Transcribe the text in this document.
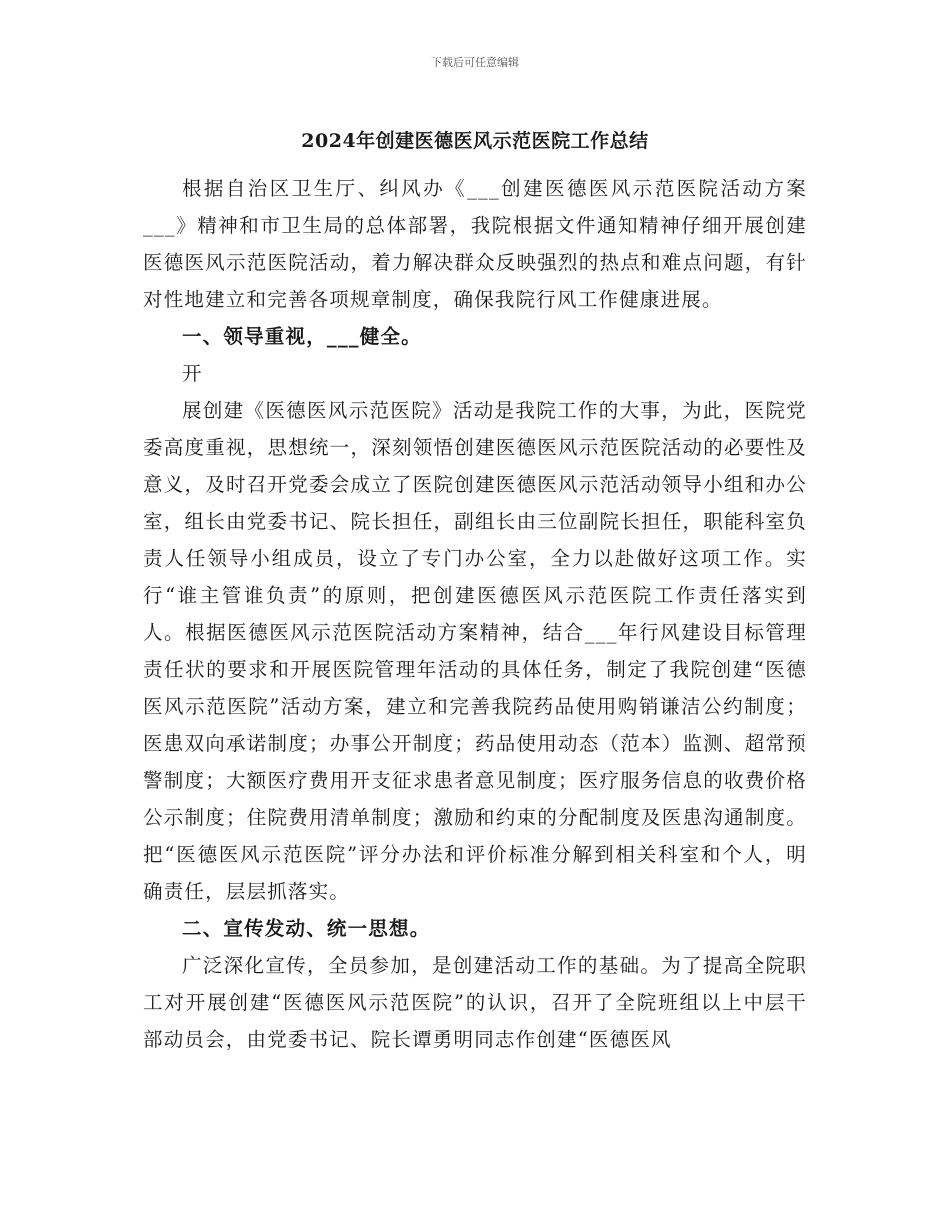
下载后可任意编辑
2024年创建医德医风示范医院工作总结

根据自治区卫生厅、纠风办《___创建医德医风示范医院活动方案___》精神和市卫生局的总体部署，我院根据文件通知精神仔细开展创建医德医风示范医院活动，着力解决群众反映强烈的热点和难点问题，有针对性地建立和完善各项规章制度，确保我院行风工作健康进展。

一、领导重视，___健全。

开

展创建《医德医风示范医院》活动是我院工作的大事，为此，医院党委高度重视，思想统一，深刻领悟创建医德医风示范医院活动的必要性及意义，及时召开党委会成立了医院创建医德医风示范活动领导小组和办公室，组长由党委书记、院长担任，副组长由三位副院长担任，职能科室负责人任领导小组成员，设立了专门办公室，全力以赴做好这项工作。实行“谁主管谁负责”的原则，把创建医德医风示范医院工作责任落实到人。根据医德医风示范医院活动方案精神，结合___年行风建设目标管理责任状的要求和开展医院管理年活动的具体任务，制定了我院创建“医德医风示范医院”活动方案，建立和完善我院药品使用购销谦洁公约制度；医患双向承诺制度；办事公开制度；药品使用动态（范本）监测、超常预警制度；大额医疗费用开支征求患者意见制度；医疗服务信息的收费价格公示制度；住院费用清单制度；激励和约束的分配制度及医患沟通制度。把“医德医风示范医院”评分办法和评价标准分解到相关科室和个人，明确责任，层层抓落实。

二、宣传发动、统一思想。

广泛深化宣传，全员参加，是创建活动工作的基础。为了提高全院职工对开展创建“医德医风示范医院”的认识，召开了全院班组以上中层干部动员会，由党委书记、院长谭勇明同志作创建“医德医风
